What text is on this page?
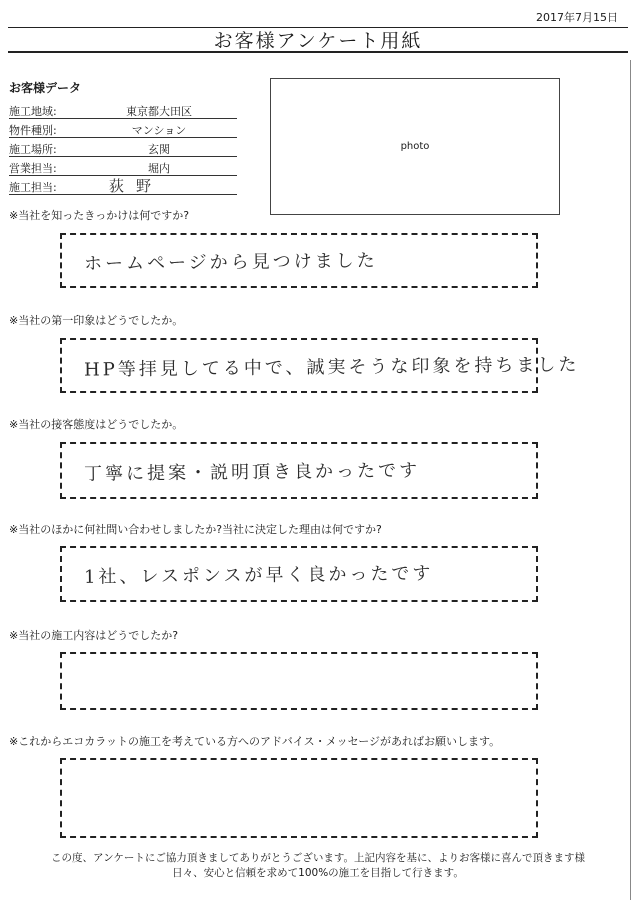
2017年7月15日
お客様アンケート用紙
お客様データ
施工地域:	東京都大田区
物件種別:	マンション
施工場所:	玄関
営業担当:	堀内
施工担当:	荻野
photo
※当社を知ったきっかけは何ですか?
ホームページから見つけました
※当社の第一印象はどうでしたか。
HP等拝見してる中で、誠実そうな印象を持ちました
※当社の接客態度はどうでしたか。
丁寧に提案・説明頂き良かったです
※当社のほかに何社問い合わせしましたか?当社に決定した理由は何ですか?
1社、レスポンスが早く良かったです
※当社の施工内容はどうでしたか?
※これからエコカラットの施工を考えている方へのアドバイス・メッセージがあればお願いします。
この度、アンケートにご協力頂きましてありがとうございます。上記内容を基に、よりお客様に喜んで頂きます様
日々、安心と信頼を求めて100%の施工を目指して行きます。
